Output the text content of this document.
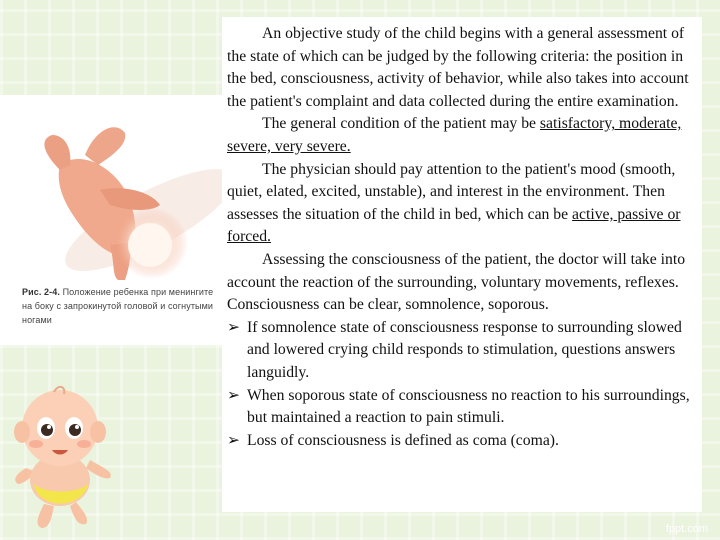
Рис. 2-4. Положение ребенка при менингите на боку с запрокинутой головой и согнутыми ногами

An objective study of the child begins with a general assessment of the state of which can be judged by the following criteria: the position in the bed, consciousness, activity of behavior, while also takes into account the patient's complaint and data collected during the entire examination.

The general condition of the patient may be satisfactory, moderate, severe, very severe.

The physician should pay attention to the patient's mood (smooth, quiet, elated, excited, unstable), and interest in the environment. Then assesses the situation of the child in bed, which can be active, passive or forced.

Assessing the consciousness of the patient, the doctor will take into account the reaction of the surrounding, voluntary movements, reflexes. Consciousness can be clear, somnolence, soporous.

➢ If somnolence state of consciousness response to surrounding slowed and lowered crying child responds to stimulation, questions answers languidly.
➢ When soporous state of consciousness no reaction to his surroundings, but maintained a reaction to pain stimuli.
➢ Loss of consciousness is defined as coma (coma).
fppt.com
